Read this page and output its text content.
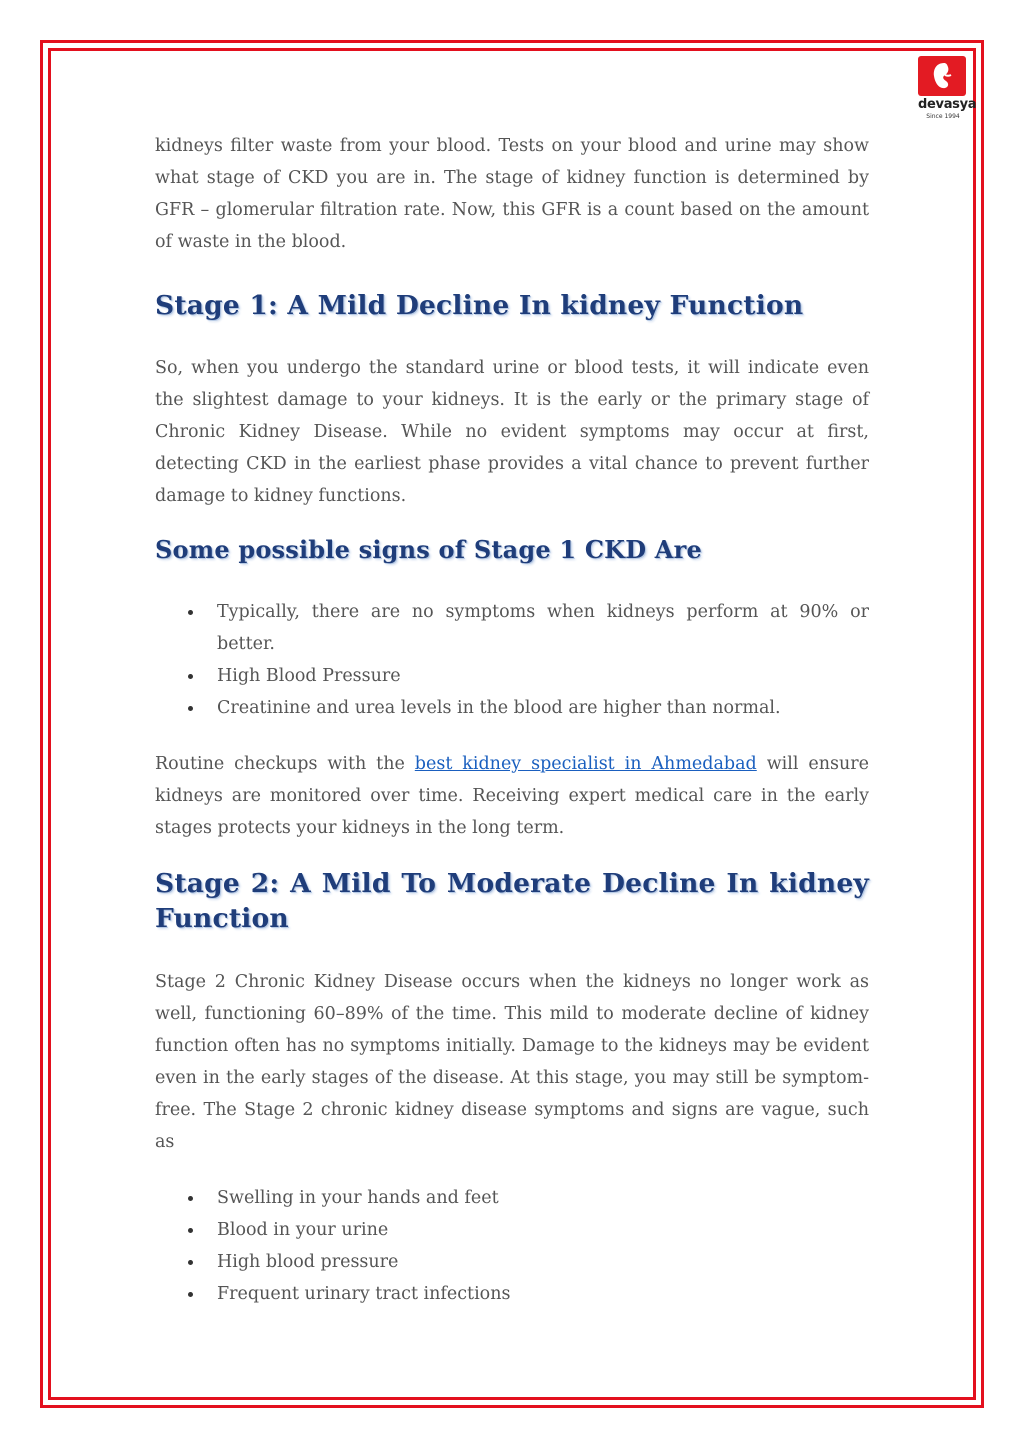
devasya
Since 1994

kidneys filter waste from your blood. Tests on your blood and urine may show what stage of CKD you are in. The stage of kidney function is determined by GFR – glomerular filtration rate. Now, this GFR is a count based on the amount of waste in the blood.

Stage 1: A Mild Decline In kidney Function

So, when you undergo the standard urine or blood tests, it will indicate even the slightest damage to your kidneys. It is the early or the primary stage of Chronic Kidney Disease. While no evident symptoms may occur at first, detecting CKD in the earliest phase provides a vital chance to prevent further damage to kidney functions.

Some possible signs of Stage 1 CKD Are
Typically, there are no symptoms when kidneys perform at 90% or better.
High Blood Pressure
Creatinine and urea levels in the blood are higher than normal.

Routine checkups with the best kidney specialist in Ahmedabad will ensure kidneys are monitored over time. Receiving expert medical care in the early stages protects your kidneys in the long term.

Stage 2: A Mild To Moderate Decline In kidney
Function

Stage 2 Chronic Kidney Disease occurs when the kidneys no longer work as well, functioning 60–89% of the time. This mild to moderate decline of kidney function often has no symptoms initially. Damage to the kidneys may be evident even in the early stages of the disease. At this stage, you may still be symptom-free. The Stage 2 chronic kidney disease symptoms and signs are vague, such as

Swelling in your hands and feet
Blood in your urine
High blood pressure
Frequent urinary tract infections
